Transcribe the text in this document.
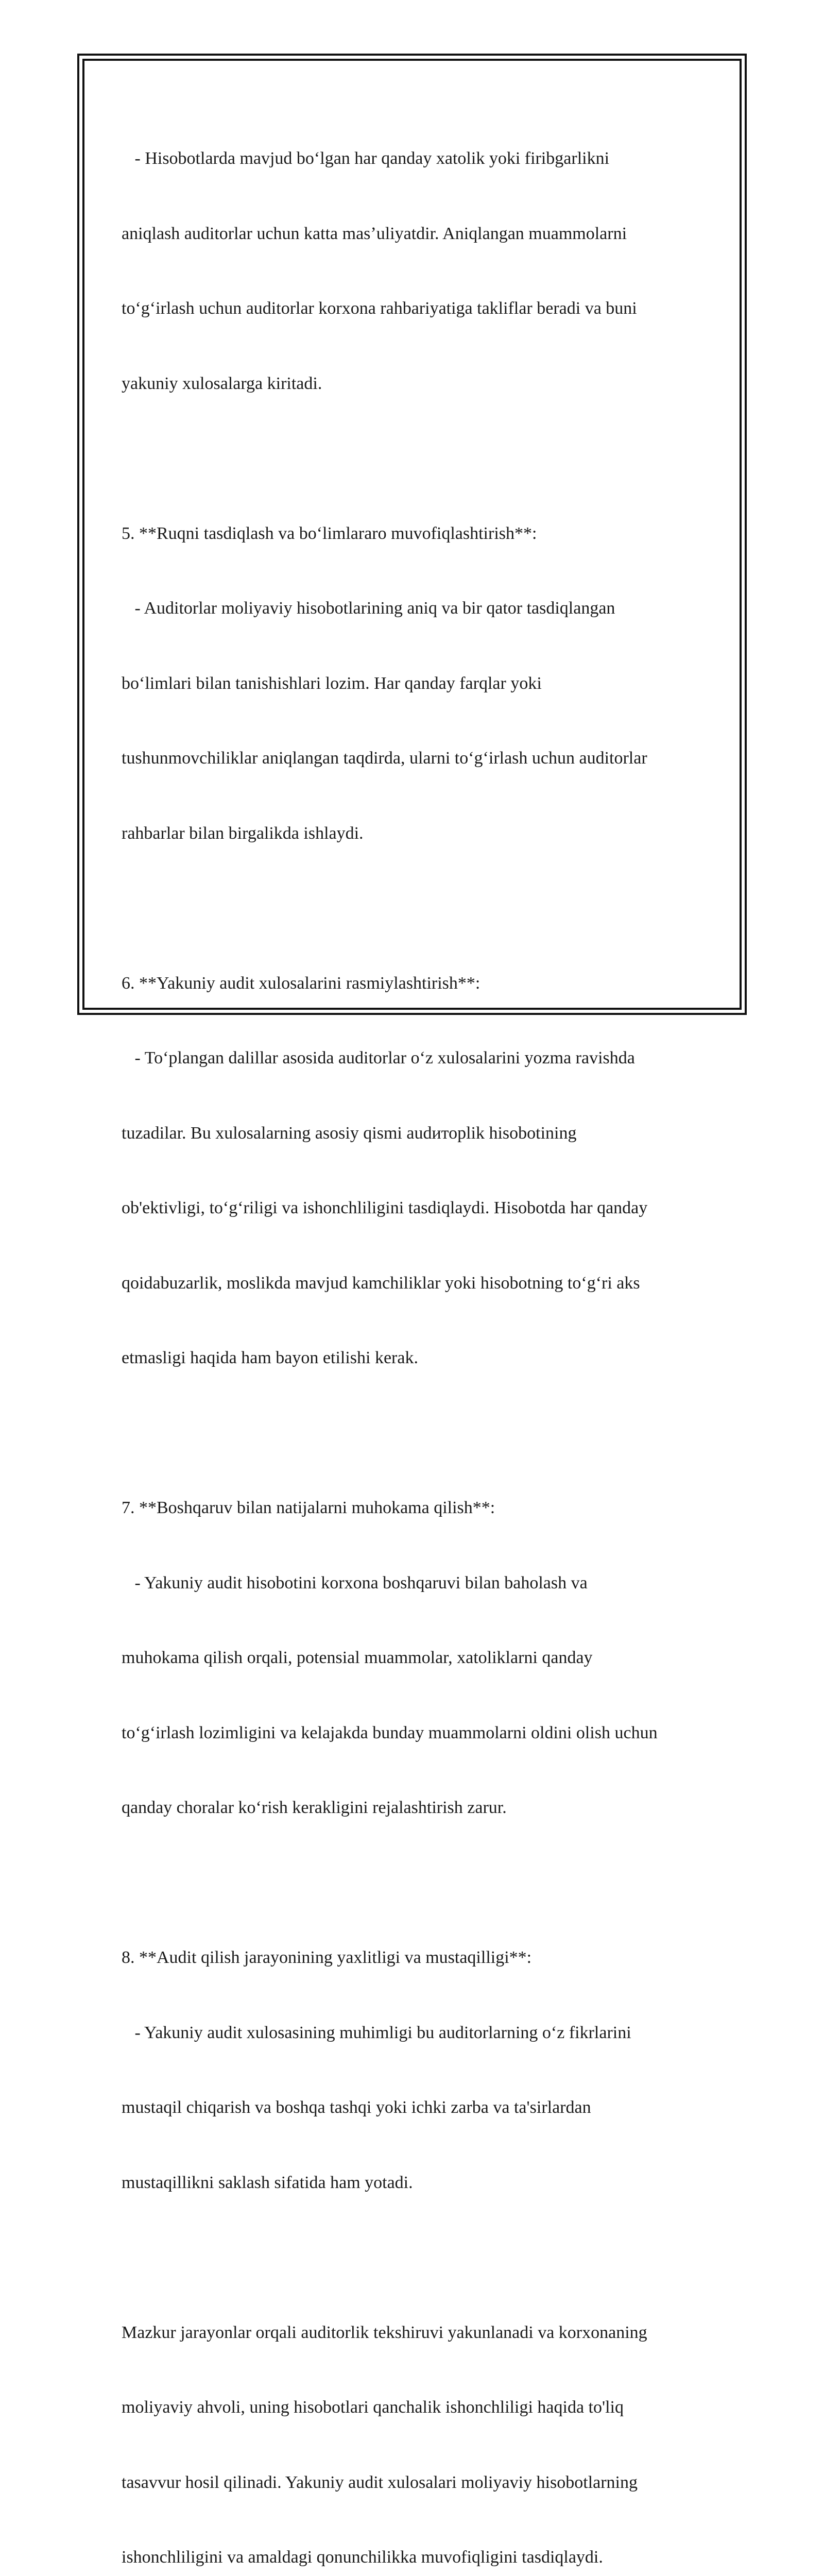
- Hisobotlarda mavjud boʻlgan har qanday xatolik yoki firibgarlikni

aniqlash auditorlar uchun katta masʼuliyatdir. Aniqlangan muammolarni

toʻgʻirlash uchun auditorlar korxona rahbariyatiga takliflar beradi va buni

yakuniy xulosalarga kiritadi.

5. **Ruqni tasdiqlash va boʻlimlararo muvofiqlashtirish**:

- Auditorlar moliyaviy hisobotlarining aniq va bir qator tasdiqlangan

boʻlimlari bilan tanishishlari lozim. Har qanday farqlar yoki

tushunmovchiliklar aniqlangan taqdirda, ularni toʻgʻirlash uchun auditorlar

rahbarlar bilan birgalikda ishlaydi.

6. **Yakuniy audit xulosalarini rasmiylashtirish**:

- Toʻplangan dalillar asosida auditorlar oʻz xulosalarini yozma ravishda

tuzadilar. Bu xulosalarning asosiy qismi audиторlik hisobotining

ob'ektivligi, toʻgʻriligi va ishonchliligini tasdiqlaydi. Hisobotda har qanday

qoidabuzarlik, moslikda mavjud kamchiliklar yoki hisobotning toʻgʻri aks

etmasligi haqida ham bayon etilishi kerak.

7. **Boshqaruv bilan natijalarni muhokama qilish**:

- Yakuniy audit hisobotini korxona boshqaruvi bilan baholash va

muhokama qilish orqali, potensial muammolar, xatoliklarni qanday

toʻgʻirlash lozimligini va kelajakda bunday muammolarni oldini olish uchun

qanday choralar koʻrish kerakligini rejalashtirish zarur.

8. **Audit qilish jarayonining yaxlitligi va mustaqilligi**:

- Yakuniy audit xulosasining muhimligi bu auditorlarning oʻz fikrlarini

mustaqil chiqarish va boshqa tashqi yoki ichki zarba va ta'sirlardan

mustaqillikni saklash sifatida ham yotadi.

Mazkur jarayonlar orqali auditorlik tekshiruvi yakunlanadi va korxonaning

moliyaviy ahvoli, uning hisobotlari qanchalik ishonchliligi haqida to'liq

tasavvur hosil qilinadi. Yakuniy audit xulosalari moliyaviy hisobotlarning

ishonchliligini va amaldagi qonunchilikka muvofiqligini tasdiqlaydi.
